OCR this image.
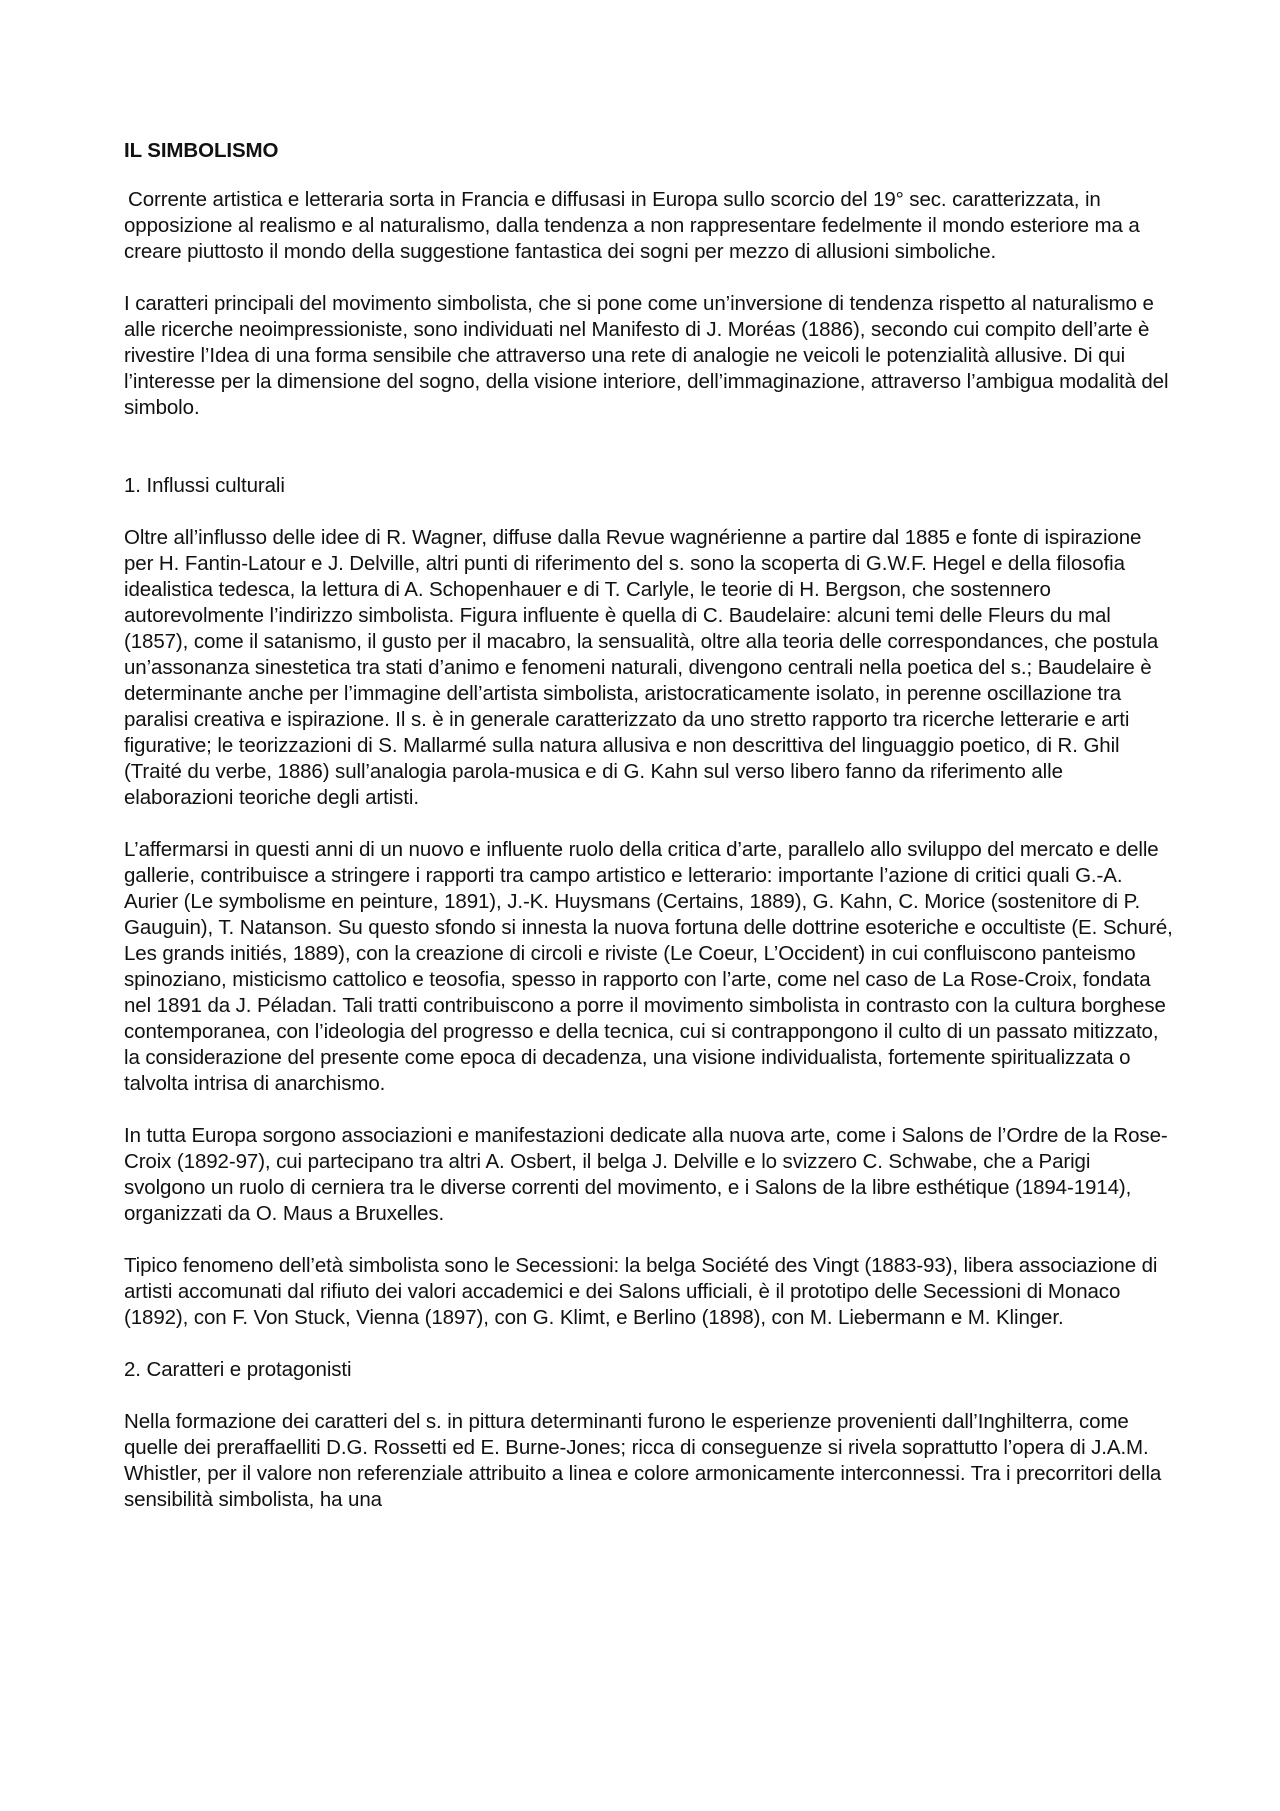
IL SIMBOLISMO

Corrente artistica e letteraria sorta in Francia e diffusasi in Europa sullo scorcio del 19° sec. caratterizzata, in opposizione al realismo e al naturalismo, dalla tendenza a non rappresentare fedelmente il mondo esteriore ma a creare piuttosto il mondo della suggestione fantastica dei sogni per mezzo di allusioni simboliche.

I caratteri principali del movimento simbolista, che si pone come un’inversione di tendenza rispetto al naturalismo e alle ricerche neoimpressioniste, sono individuati nel Manifesto di J. Moréas (1886), secondo cui compito dell’arte è rivestire l’Idea di una forma sensibile che attraverso una rete di analogie ne veicoli le potenzialità allusive. Di qui l’interesse per la dimensione del sogno, della visione interiore, dell’immaginazione, attraverso l’ambigua modalità del simbolo.

1. Influssi culturali

Oltre all’influsso delle idee di R. Wagner, diffuse dalla Revue wagnérienne a partire dal 1885 e fonte di ispirazione per H. Fantin-Latour e J. Delville, altri punti di riferimento del s. sono la scoperta di G.W.F. Hegel e della filosofia idealistica tedesca, la lettura di A. Schopenhauer e di T. Carlyle, le teorie di H. Bergson, che sostennero autorevolmente l’indirizzo simbolista. Figura influente è quella di C. Baudelaire: alcuni temi delle Fleurs du mal (1857), come il satanismo, il gusto per il macabro, la sensualità, oltre alla teoria delle correspondances, che postula un’assonanza sinestetica tra stati d’animo e fenomeni naturali, divengono centrali nella poetica del s.; Baudelaire è determinante anche per l’immagine dell’artista simbolista, aristocraticamente isolato, in perenne oscillazione tra paralisi creativa e ispirazione. Il s. è in generale caratterizzato da uno stretto rapporto tra ricerche letterarie e arti figurative; le teorizzazioni di S. Mallarmé sulla natura allusiva e non descrittiva del linguaggio poetico, di R. Ghil (Traité du verbe, 1886) sull’analogia parola-musica e di G. Kahn sul verso libero fanno da riferimento alle elaborazioni teoriche degli artisti.

L’affermarsi in questi anni di un nuovo e influente ruolo della critica d’arte, parallelo allo sviluppo del mercato e delle gallerie, contribuisce a stringere i rapporti tra campo artistico e letterario: importante l’azione di critici quali G.-A. Aurier (Le symbolisme en peinture, 1891), J.-K. Huysmans (Certains, 1889), G. Kahn, C. Morice (sostenitore di P. Gauguin), T. Natanson. Su questo sfondo si innesta la nuova fortuna delle dottrine esoteriche e occultiste (E. Schuré, Les grands initiés, 1889), con la creazione di circoli e riviste (Le Coeur, L’Occident) in cui confluiscono panteismo spinoziano, misticismo cattolico e teosofia, spesso in rapporto con l’arte, come nel caso de La Rose-Croix, fondata nel 1891 da J. Péladan. Tali tratti contribuiscono a porre il movimento simbolista in contrasto con la cultura borghese contemporanea, con l’ideologia del progresso e della tecnica, cui si contrappongono il culto di un passato mitizzato, la considerazione del presente come epoca di decadenza, una visione individualista, fortemente spiritualizzata o talvolta intrisa di anarchismo.

In tutta Europa sorgono associazioni e manifestazioni dedicate alla nuova arte, come i Salons de l’Ordre de la Rose-Croix (1892-97), cui partecipano tra altri A. Osbert, il belga J. Delville e lo svizzero C. Schwabe, che a Parigi svolgono un ruolo di cerniera tra le diverse correnti del movimento, e i Salons de la libre esthétique (1894-1914), organizzati da O. Maus a Bruxelles.

Tipico fenomeno dell’età simbolista sono le Secessioni: la belga Société des Vingt (1883-93), libera associazione di artisti accomunati dal rifiuto dei valori accademici e dei Salons ufficiali, è il prototipo delle Secessioni di Monaco (1892), con F. Von Stuck, Vienna (1897), con G. Klimt, e Berlino (1898), con M. Liebermann e M. Klinger.

2. Caratteri e protagonisti

Nella formazione dei caratteri del s. in pittura determinanti furono le esperienze provenienti dall’Inghilterra, come quelle dei preraffaelliti D.G. Rossetti ed E. Burne-Jones; ricca di conseguenze si rivela soprattutto l’opera di J.A.M. Whistler, per il valore non referenziale attribuito a linea e colore armonicamente interconnessi. Tra i precorritori della sensibilità simbolista, ha una
